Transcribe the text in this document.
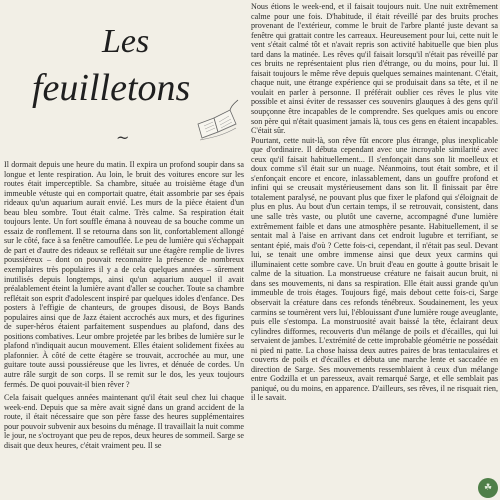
Les
feuilletons
~

Il dormait depuis une heure du matin. Il expira un profond soupir dans sa longue et lente respiration. Au loin, le bruit des voitures encore sur les routes était imperceptible. Sa chambre, située au troisième étage d'un immeuble vétuste qui en comportait quatre, était assombrie par ses épais rideaux qu'un aquarium aurait envié. Les murs de la pièce étaient d'un beau bleu sombre. Tout était calme. Très calme. Sa respiration était toujours lente. Un fort souffle émana à nouveau de sa bouche comme un essaiz de ronflement. Il se retourna dans son lit, confortablement allongé sur le côté, face à sa fenêtre camouflée. Le peu de lumière qui s'échappait de part et d'autre des rideaux se reflétait sur une étagère remplie de livres poussiéreux – dont on pouvait reconnaitre la présence de nombreux exemplaires très populaires il y a de cela quelques années – sûrement inutilisés depuis longtemps, ainsi qu'un aquarium auquel il avait préalablement éteint la lumière avant d'aller se coucher. Toute sa chambre reflétait son esprit d'adolescent inspiré par quelques idoles d'enfance. Des posters à l'effigie de chanteurs, de groupes disousi, de Boys Bands populaires ainsi que de Jazz étaient accrochés aux murs, et des figurines de super-héros étaient parfaitement suspendues au plafond, dans des positions combatives. Leur ombre projetée par les bribes de lumière sur le plafond n'indiquait aucun mouvement. Elles étaient solidement fixées au plafonnier. À côté de cette étagère se trouvait, accrochée au mur, une guitare toute aussi poussiéreuse que les livres, et dénuée de cordes. Un autre râle surgit de son corps. Il se remit sur le dos, les yeux toujours fermés. De quoi pouvait-il bien rêver ?

Cela faisait quelques années maintenant qu'il était seul chez lui chaque week-end. Depuis que sa mère avait signé dans un grand accident de la route, il était nécessaire que son père fasse des heures supplémentaires pour pouvoir subvenir aux besoins du ménage. Il travaillait la nuit comme le jour, ne s'octroyant que peu de repos, deux heures de sommeil. Sarge se disait que deux heures, c'était vraiment peu. Il se

Nous étions le week-end, et il faisait toujours nuit. Une nuit extrêmement calme pour une fois. D'habitude, il était réveillé par des bruits proches provenant de l'extérieur, comme le bruit de l'arbre planté juste devant sa fenêtre qui grattait contre les carreaux. Heureusement pour lui, cette nuit le vent s'était calmé tôt et n'avait repris son activité habituelle que bien plus tard dans la matinée. Les rêves qu'il faisait lorsqu'il n'était pas réveillé par ces bruits ne représentaient plus rien d'étrange, ou du moins, pour lui. Il faisait toujours le même rêve depuis quelques semaines maintenant. C'était, chaque nuit, une étrange expérience qui se produisait dans sa tête, et il ne voulait en parler à personne. Il préférait oublier ces rêves le plus vite possible et ainsi éviter de ressasser ces souvenirs glauques à des gens qu'il soupçonne être incapables de le comprendre. Ses quelques amis ou encore son père qui n'était quasiment jamais là, tous ces gens en étaient incapables. C'était sûr.

Pourtant, cette nuit-là, son rêve fût encore plus étrange, plus inexplicable que d'ordinaire. Il débuta cependant avec une incroyable similarité avec ceux qu'il faisait habituellement... Il s'enfonçait dans son lit moelleux et doux comme s'il était sur un nuage. Néanmoins, tout était sombre, et il s'enfonçait encore et encore, inlassablement, dans un gouffre profond et infini qui se creusait mystérieusement dans son lit. Il finissait par être totalement paralysé, ne pouvant plus que fixer le plafond qui s'éloignait de plus en plus. Au bout d'un certain temps, il se retrouvait, consistent, dans une salle très vaste, ou plutôt une caverne, accompagné d'une lumière extrêmement faible et dans une atmosphère pesante. Habituellement, il se sentait mal à l'aise en arrivant dans cet endroit lugubre et terrifiant, se sentant épié, mais d'où ? Cette fois-ci, cependant, il n'était pas seul. Devant lui, se tenait une ombre immense ainsi que deux yeux carmins qui illuminaient cette sombre cave. Un bruit d'eau en goutte à goutte brisait le calme de la situation. La monstrueuse créature ne faisait aucun bruit, ni dans ses mouvements, ni dans sa respiration. Elle était aussi grande qu'un immeuble de trois étages. Toujours figé, mais debout cette fois-ci, Sarge observait la créature dans ces refonds ténébreux. Soudainement, les yeux carmins se tournèrent vers lui, l'éblouissant d'une lumière rouge aveuglante, puis elle s'estompa. La monstruosité avait baissé la tête, éclairant deux cylindres difformes, recouverts d'un mélange de poils et d'écailles, qui lui servaient de jambes. L'extrémité de cette improbable géométrie ne possédait ni pied ni patte. La chose haissa deux autres paires de bras tentaculaires et couverts de poils et d'écailles et débuta une marche lente et saccadée en direction de Sarge. Ses mouvements ressemblaient à ceux d'un mélange entre Godzilla et un paresseux, avait remarqué Sarge, et elle semblait pas paniqué, ou du moins, en apparence. D'ailleurs, ses rêves, il ne risquait rien, il le savait.

☘
